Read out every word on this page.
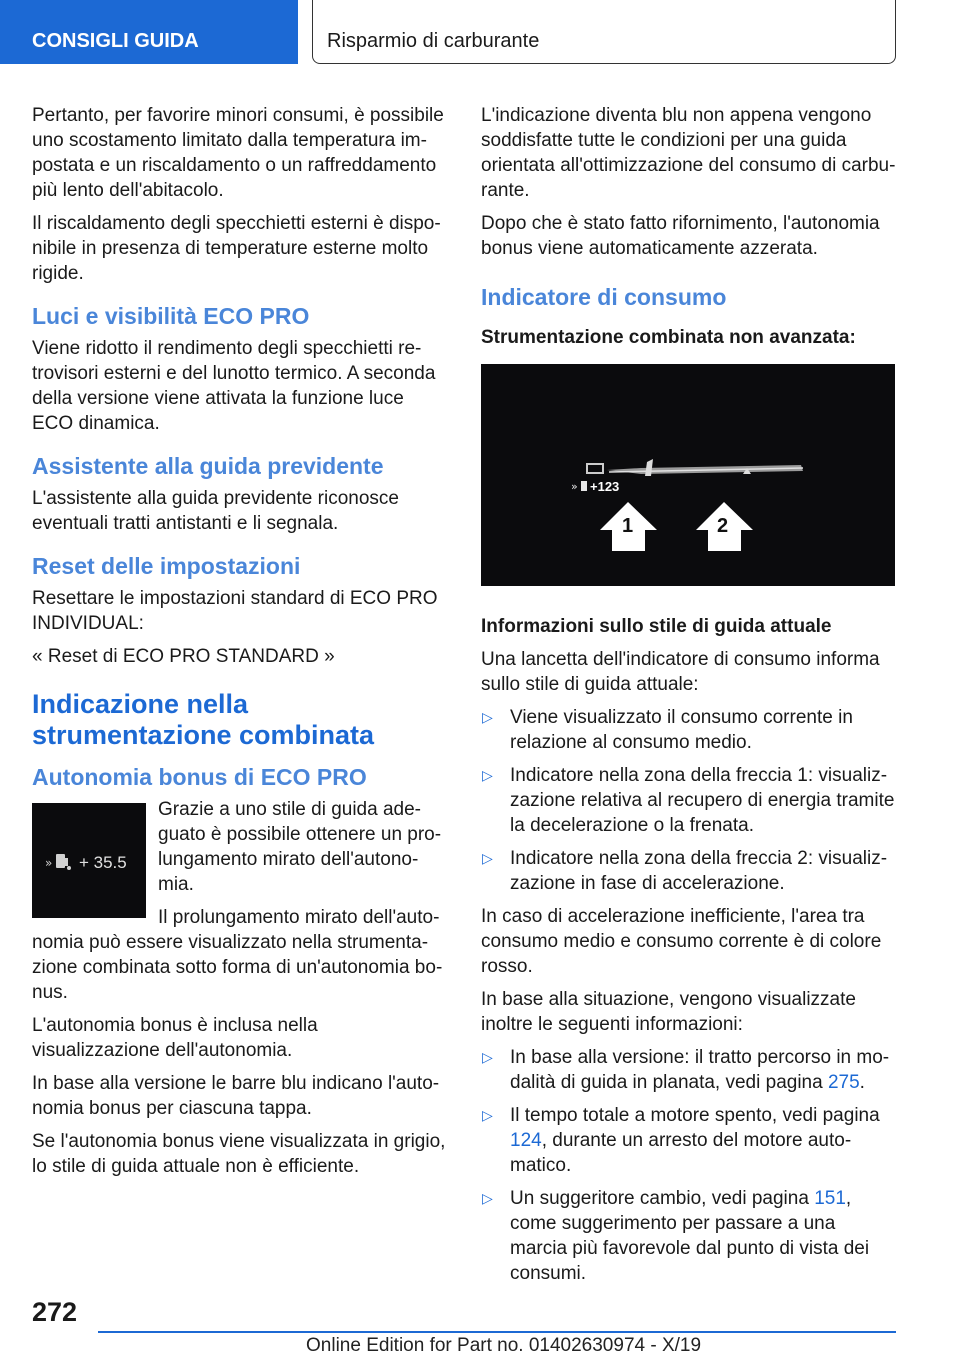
CONSIGLI GUIDA	Risparmio di carburante

Pertanto, per favorire minori consumi, è possibile uno scostamento limitato dalla temperatura impostata e un riscaldamento o un raffreddamento più lento dell'abitacolo.

Il riscaldamento degli specchietti esterni è disponibile in presenza di temperature esterne molto rigide.

Luci e visibilità ECO PRO

Viene ridotto il rendimento degli specchietti retrovisori esterni e del lunotto termico. A seconda della versione viene attivata la funzione luce ECO dinamica.

Assistente alla guida previdente

L'assistente alla guida previdente riconosce eventuali tratti antistanti e li segnala.

Reset delle impostazioni

Resettare le impostazioni standard di ECO PRO INDIVIDUAL:

« Reset di ECO PRO STANDARD »

Indicazione nella strumentazione combinata
Autonomia bonus di ECO PRO
» + 35.5

Grazie a uno stile di guida adeguato è possibile ottenere un prolungamento mirato dell'autonomia.

Il prolungamento mirato dell'autonomia può essere visualizzato nella strumentazione combinata sotto forma di un'autonomia bonus.

L'autonomia bonus è inclusa nella visualizzazione dell'autonomia.

In base alla versione le barre blu indicano l'autonomia bonus per ciascuna tappa.

Se l'autonomia bonus viene visualizzata in grigio, lo stile di guida attuale non è efficiente.

L'indicazione diventa blu non appena vengono soddisfatte tutte le condizioni per una guida orientata all'ottimizzazione del consumo di carburante.

Dopo che è stato fatto rifornimento, l'autonomia bonus viene automaticamente azzerata.

Indicatore di consumo

Strumentazione combinata non avanzata:

» +123
1	2

Informazioni sullo stile di guida attuale

Una lancetta dell'indicatore di consumo informa sullo stile di guida attuale:

▷ Viene visualizzato il consumo corrente in relazione al consumo medio.
▷ Indicatore nella zona della freccia 1: visualizzazione relativa al recupero di energia tramite la decelerazione o la frenata.
▷ Indicatore nella zona della freccia 2: visualizzazione in fase di accelerazione.

In caso di accelerazione inefficiente, l'area tra consumo medio e consumo corrente è di colore rosso.

In base alla situazione, vengono visualizzate inoltre le seguenti informazioni:

▷ In base alla versione: il tratto percorso in modalità di guida in planata, vedi pagina 275.
▷ Il tempo totale a motore spento, vedi pagina 124, durante un arresto del motore automatico.
▷ Un suggeritore cambio, vedi pagina 151, come suggerimento per passare a una marcia più favorevole dal punto di vista dei consumi.
272
Online Edition for Part no. 01402630974 - X/19
